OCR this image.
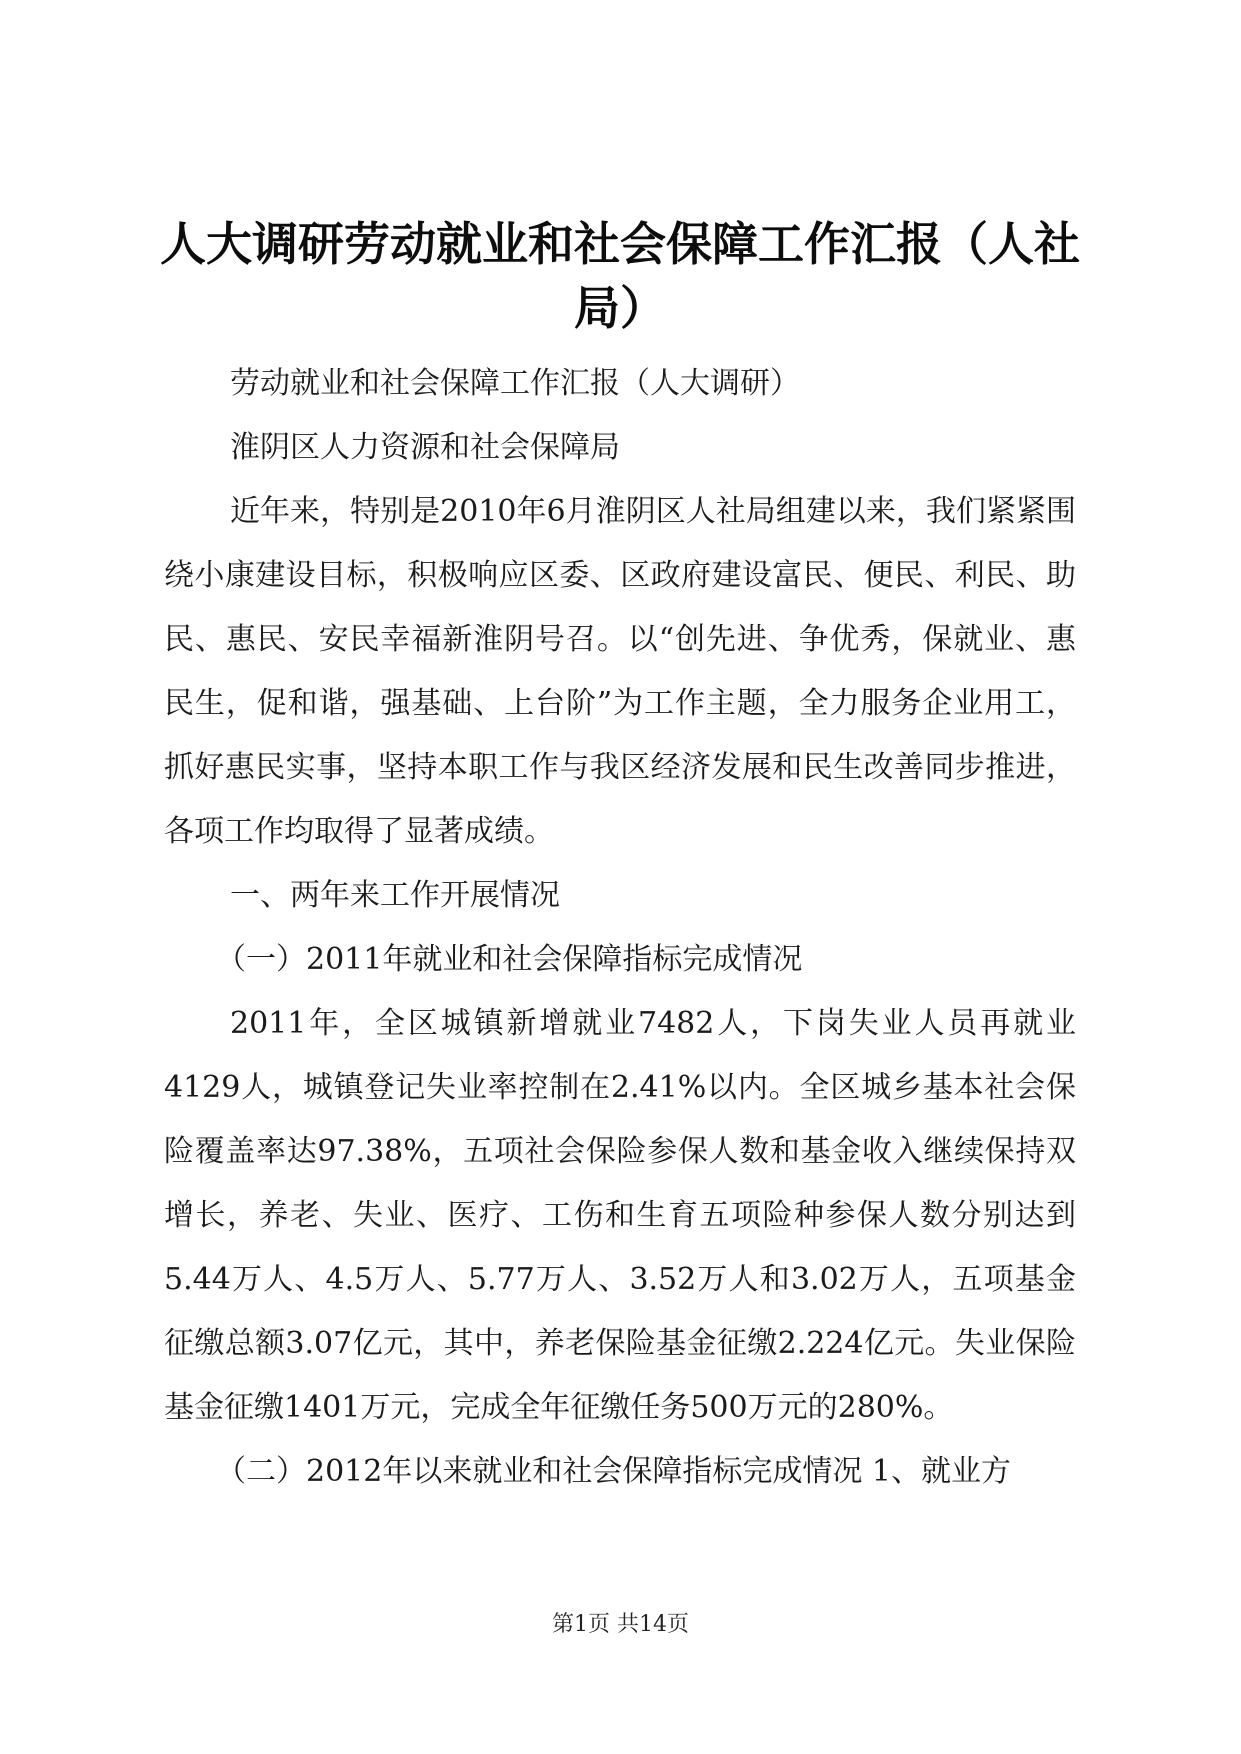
人大调研劳动就业和社会保障工作汇报（人社局）

劳动就业和社会保障工作汇报（人大调研）

淮阴区人力资源和社会保障局

近年来，特别是2010年6月淮阴区人社局组建以来，我们紧紧围绕小康建设目标，积极响应区委、区政府建设富民、便民、利民、助民、惠民、安民幸福新淮阴号召。以“创先进、争优秀，保就业、惠民生，促和谐，强基础、上台阶”为工作主题，全力服务企业用工，抓好惠民实事，坚持本职工作与我区经济发展和民生改善同步推进，各项工作均取得了显著成绩。

一、两年来工作开展情况

（一）2011年就业和社会保障指标完成情况

2011年，全区城镇新增就业7482人，下岗失业人员再就业4129人，城镇登记失业率控制在2.41%以内。全区城乡基本社会保险覆盖率达97.38%，五项社会保险参保人数和基金收入继续保持双增长，养老、失业、医疗、工伤和生育五项险种参保人数分别达到5.44万人、4.5万人、5.77万人、3.52万人和3.02万人，五项基金征缴总额3.07亿元，其中，养老保险基金征缴2.224亿元。失业保险基金征缴1401万元，完成全年征缴任务500万元的280%。

（二）2012年以来就业和社会保障指标完成情况 1、就业方

第1页 共14页
